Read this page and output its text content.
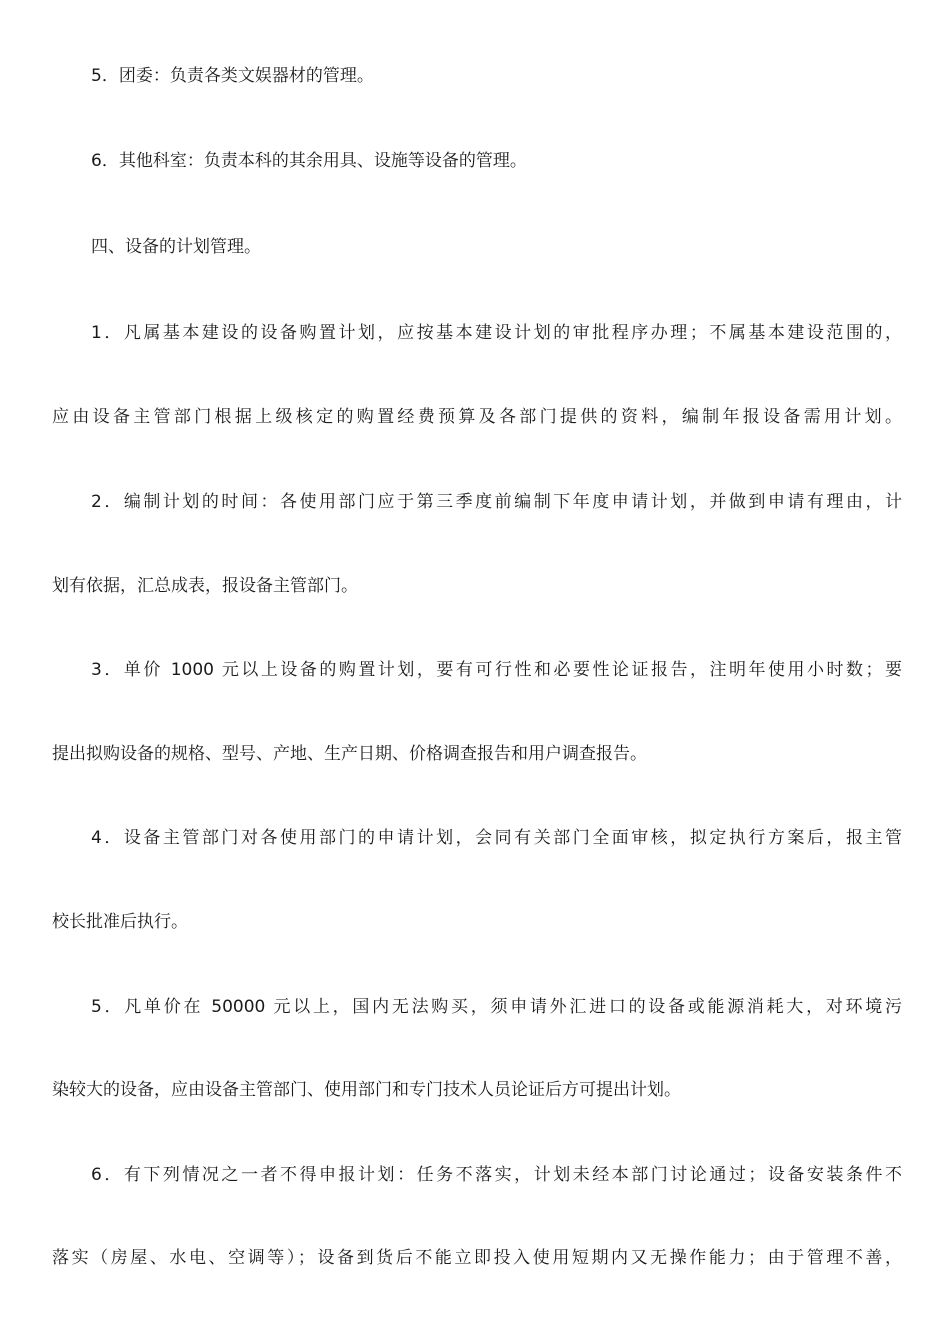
5．团委：负责各类文娱器材的管理。
6．其他科室：负责本科的其余用具、设施等设备的管理。
四、设备的计划管理。
1．凡属基本建设的设备购置计划，应按基本建设计划的审批程序办理；不属基本建设范围的，
应由设备主管部门根据上级核定的购置经费预算及各部门提供的资料，编制年报设备需用计划。
2．编制计划的时间：各使用部门应于第三季度前编制下年度申请计划，并做到申请有理由，计
划有依据，汇总成表，报设备主管部门。
3．单价 1000 元以上设备的购置计划，要有可行性和必要性论证报告，注明年使用小时数；要
提出拟购设备的规格、型号、产地、生产日期、价格调查报告和用户调查报告。
4．设备主管部门对各使用部门的申请计划，会同有关部门全面审核，拟定执行方案后，报主管
校长批准后执行。
5．凡单价在 50000 元以上，国内无法购买，须申请外汇进口的设备或能源消耗大，对环境污
染较大的设备，应由设备主管部门、使用部门和专门技术人员论证后方可提出计划。
6．有下列情况之一者不得申报计划：任务不落实，计划未经本部门讨论通过；设备安装条件不
落实（房屋、水电、空调等）；设备到货后不能立即投入使用短期内又无操作能力；由于管理不善，
